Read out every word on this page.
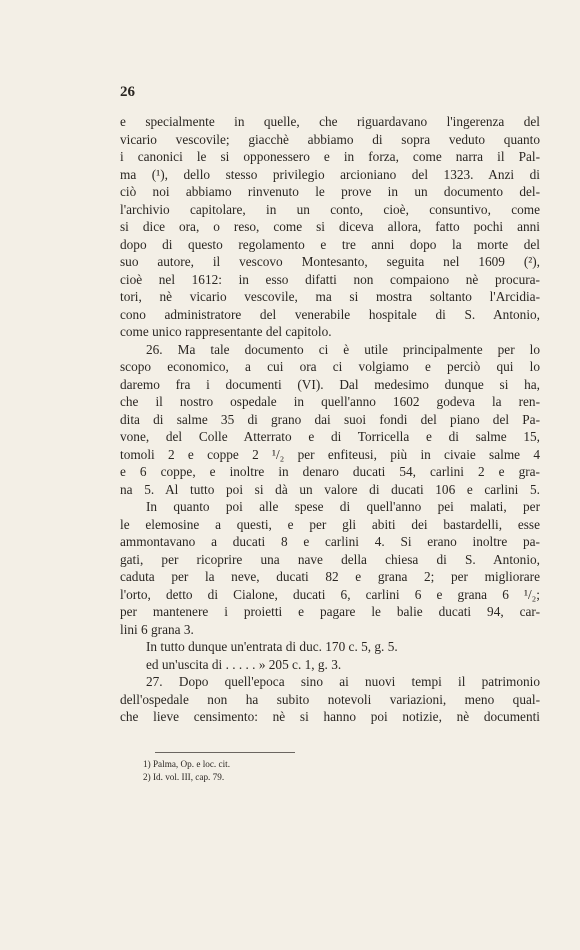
26
e specialmente in quelle, che riguardavano l'ingerenza del
vicario vescovile; giacchè abbiamo di sopra veduto quanto
i canonici le si opponessero e in forza, come narra il Pal-
ma (¹), dello stesso privilegio arcioniano del 1323. Anzi di
ciò noi abbiamo rinvenuto le prove in un documento del-
l'archivio capitolare, in un conto, cioè, consuntivo, come
si dice ora, o reso, come si diceva allora, fatto pochi anni
dopo di questo regolamento e tre anni dopo la morte del
suo autore, il vescovo Montesanto, seguita nel 1609 (²),
cioè nel 1612: in esso difatti non compaiono nè procura-
tori, nè vicario vescovile, ma si mostra soltanto l'Arcidia-
cono administratore del venerabile hospitale di S. Antonio,
come unico rappresentante del capitolo.
26. Ma tale documento ci è utile principalmente per lo
scopo economico, a cui ora ci volgiamo e perciò qui lo
daremo fra i documenti (VI). Dal medesimo dunque si ha,
che il nostro ospedale in quell'anno 1602 godeva la ren-
dita di salme 35 di grano dai suoi fondi del piano del Pa-
vone, del Colle Atterrato e di Torricella e di salme 15,
tomoli 2 e coppe 2 ¹/₂ per enfiteusi, più in civaie salme 4
e 6 coppe, e inoltre in denaro ducati 54, carlini 2 e gra-
na 5. Al tutto poi si dà un valore di ducati 106 e carlini 5.
In quanto poi alle spese di quell'anno pei malati, per
le elemosine a questi, e per gli abiti dei bastardelli, esse
ammontavano a ducati 8 e carlini 4. Si erano inoltre pa-
gati, per ricoprire una nave della chiesa di S. Antonio,
caduta per la neve, ducati 82 e grana 2; per migliorare
l'orto, detto di Cialone, ducati 6, carlini 6 e grana 6 ¹/₂;
per mantenere i proietti e pagare le balie ducati 94, car-
lini 6 grana 3.
In tutto dunque un'entrata di duc. 170 c. 5, g. 5.
ed un'uscita di . . . . . » 205 c. 1, g. 3.
27. Dopo quell'epoca sino ai nuovi tempi il patrimonio
dell'ospedale non ha subito notevoli variazioni, meno qual-
che lieve censimento: nè si hanno poi notizie, nè documenti
1) Palma, Op. e loc. cit.
2) Id. vol. III, cap. 79.
